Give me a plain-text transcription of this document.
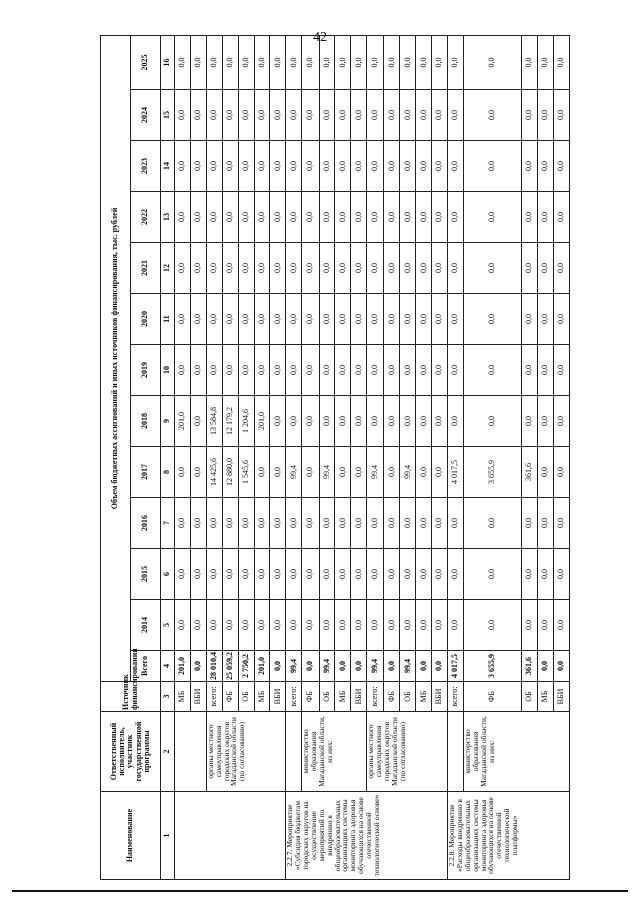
42
Наименование	Ответственный исполнитель, участник государственной программы	Источник финансирования	Объем бюджетных ассигнований и иных источников финансирования, тыс. рублей												
			Всего	2014	2015	2016	2017	2018	2019	2020	2021	2022	2023	2024	2025
1	2	3	4	5	6	7	8	9	10	11	12	13	14	15	16
		МБ	201,0	0,0	0,0	0,0	0,0	201,0	0,0	0,0	0,0	0,0	0,0	0,0	0,0
		ВБИ	0,0	0,0	0,0	0,0	0,0	0,0	0,0	0,0	0,0	0,0	0,0	0,0	0,0
	органы местного самоуправления городских округов Магаданской области (по согласованию)	всего:	28 010,4	0,0	0,0	0,0	14 425,6	13 584,8	0,0	0,0	0,0	0,0	0,0	0,0	0,0
		ФБ	25 059,2	0,0	0,0	0,0	12 880,0	12 179,2	0,0	0,0	0,0	0,0	0,0	0,0	0,0
		ОБ	2 750,2	0,0	0,0	0,0	1 545,6	1 204,6	0,0	0,0	0,0	0,0	0,0	0,0	0,0
		МБ	201,0	0,0	0,0	0,0	0,0	201,0	0,0	0,0	0,0	0,0	0,0	0,0	0,0
		ВБИ	0,0	0,0	0,0	0,0	0,0	0,0	0,0	0,0	0,0	0,0	0,0	0,0	0,0
2.2.7. Мероприятие «Субсидия бюджетам городских округов на осуществление мероприятий по внедрению в общеобразовательных организациях системы мониторинга здоровья обучающихся на основе отечественной технологической основе»		всего:	99,4	0,0	0,0	0,0	99,4	0,0	0,0	0,0	0,0	0,0	0,0	0,0	0,0
	министерство образования Магаданской области, из них:	ФБ	0,0	0,0	0,0	0,0	0,0	0,0	0,0	0,0	0,0	0,0	0,0	0,0	0,0
		ОБ	99,4	0,0	0,0	0,0	99,4	0,0	0,0	0,0	0,0	0,0	0,0	0,0	0,0
		МБ	0,0	0,0	0,0	0,0	0,0	0,0	0,0	0,0	0,0	0,0	0,0	0,0	0,0
		ВБИ	0,0	0,0	0,0	0,0	0,0	0,0	0,0	0,0	0,0	0,0	0,0	0,0	0,0
	органы местного самоуправления городских округов Магаданской области (по согласованию)	всего:	99,4	0,0	0,0	0,0	99,4	0,0	0,0	0,0	0,0	0,0	0,0	0,0	0,0
		ФБ	0,0	0,0	0,0	0,0	0,0	0,0	0,0	0,0	0,0	0,0	0,0	0,0	0,0
		ОБ	99,4	0,0	0,0	0,0	99,4	0,0	0,0	0,0	0,0	0,0	0,0	0,0	0,0
		МБ	0,0	0,0	0,0	0,0	0,0	0,0	0,0	0,0	0,0	0,0	0,0	0,0	0,0
		ВБИ	0,0	0,0	0,0	0,0	0,0	0,0	0,0	0,0	0,0	0,0	0,0	0,0	0,0
2.2.8. Мероприятие «Расходы внедрению в общеобразовательных организациях системы мониторинга здоровья обучающихся на основе отечественной технологической платформы»		всего:	4 017,5	0,0	0,0	0,0	4 017,5	0,0	0,0	0,0	0,0	0,0	0,0	0,0	0,0
	министерство образования Магаданской области, из них:	ФБ	3 655,9	0,0	0,0	0,0	3 655,9	0,0	0,0	0,0	0,0	0,0	0,0	0,0	0,0
		ОБ	361,6	0,0	0,0	0,0	361,6	0,0	0,0	0,0	0,0	0,0	0,0	0,0	0,0
		МБ	0,0	0,0	0,0	0,0	0,0	0,0	0,0	0,0	0,0	0,0	0,0	0,0	0,0
		ВБИ	0,0	0,0	0,0	0,0	0,0	0,0	0,0	0,0	0,0	0,0	0,0	0,0	0,0
